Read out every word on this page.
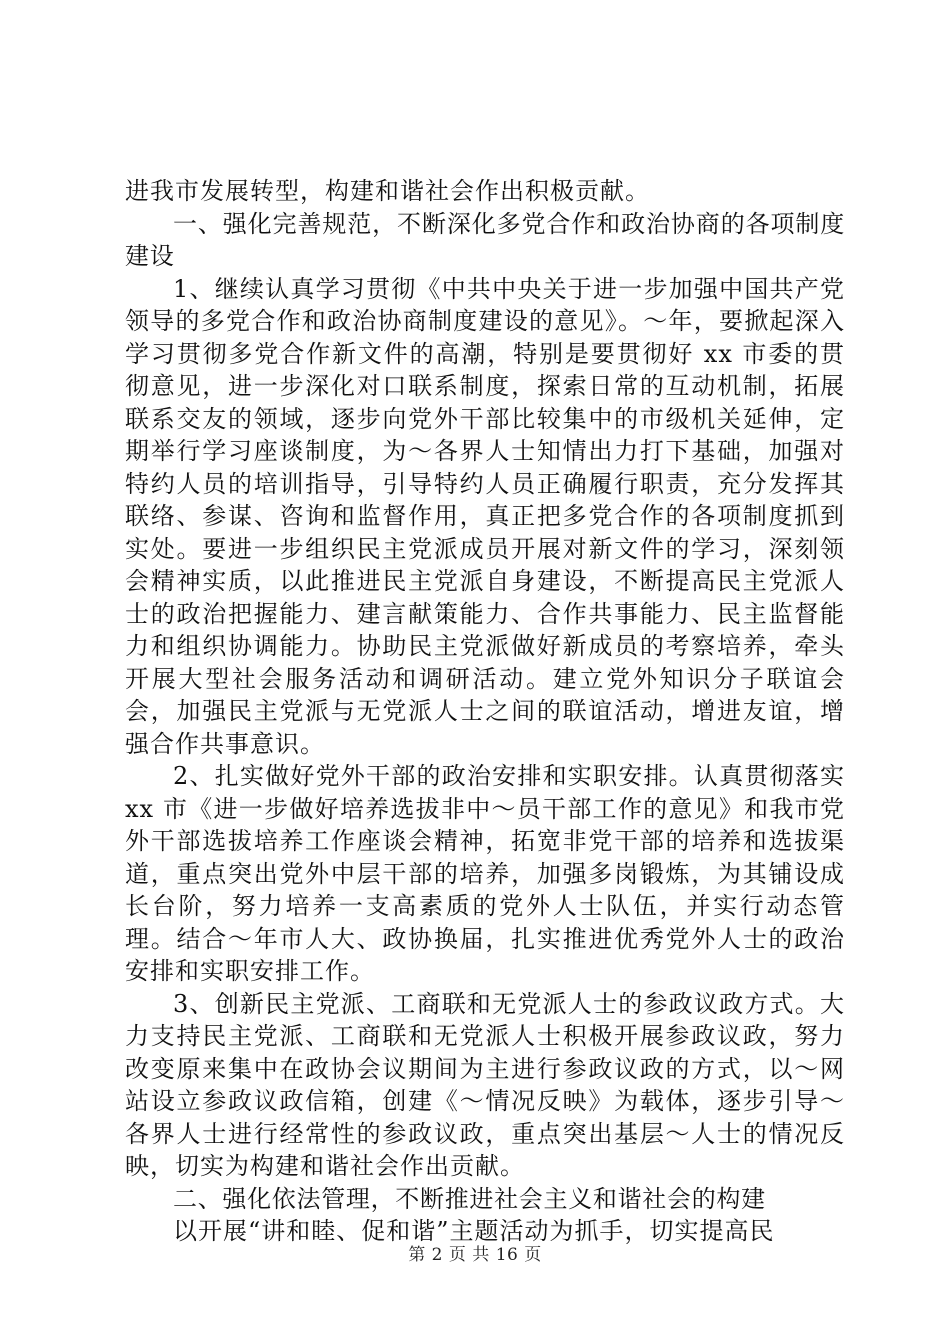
进我市发展转型，构建和谐社会作出积极贡献。

一、强化完善规范，不断深化多党合作和政治协商的各项制度建设

1、继续认真学习贯彻《中共中央关于进一步加强中国共产党领导的多党合作和政治协商制度建设的意见》。～年，要掀起深入学习贯彻多党合作新文件的高潮，特别是要贯彻好 xx 市委的贯彻意见，进一步深化对口联系制度，探索日常的互动机制，拓展联系交友的领域，逐步向党外干部比较集中的市级机关延伸，定期举行学习座谈制度，为～各界人士知情出力打下基础，加强对特约人员的培训指导，引导特约人员正确履行职责，充分发挥其联络、参谋、咨询和监督作用，真正把多党合作的各项制度抓到实处。要进一步组织民主党派成员开展对新文件的学习，深刻领会精神实质，以此推进民主党派自身建设，不断提高民主党派人士的政治把握能力、建言献策能力、合作共事能力、民主监督能力和组织协调能力。协助民主党派做好新成员的考察培养，牵头开展大型社会服务活动和调研活动。建立党外知识分子联谊会会，加强民主党派与无党派人士之间的联谊活动，增进友谊，增强合作共事意识。

2、扎实做好党外干部的政治安排和实职安排。认真贯彻落实 xx 市《进一步做好培养选拔非中～员干部工作的意见》和我市党外干部选拔培养工作座谈会精神，拓宽非党干部的培养和选拔渠道，重点突出党外中层干部的培养，加强多岗锻炼，为其铺设成长台阶，努力培养一支高素质的党外人士队伍，并实行动态管理。结合～年市人大、政协换届，扎实推进优秀党外人士的政治安排和实职安排工作。

3、创新民主党派、工商联和无党派人士的参政议政方式。大力支持民主党派、工商联和无党派人士积极开展参政议政，努力改变原来集中在政协会议期间为主进行参政议政的方式，以～网站设立参政议政信箱，创建《～情况反映》为载体，逐步引导～各界人士进行经常性的参政议政，重点突出基层～人士的情况反映，切实为构建和谐社会作出贡献。

二、强化依法管理，不断推进社会主义和谐社会的构建

以开展“讲和睦、促和谐”主题活动为抓手，切实提高民

第 2 页 共 16 页
